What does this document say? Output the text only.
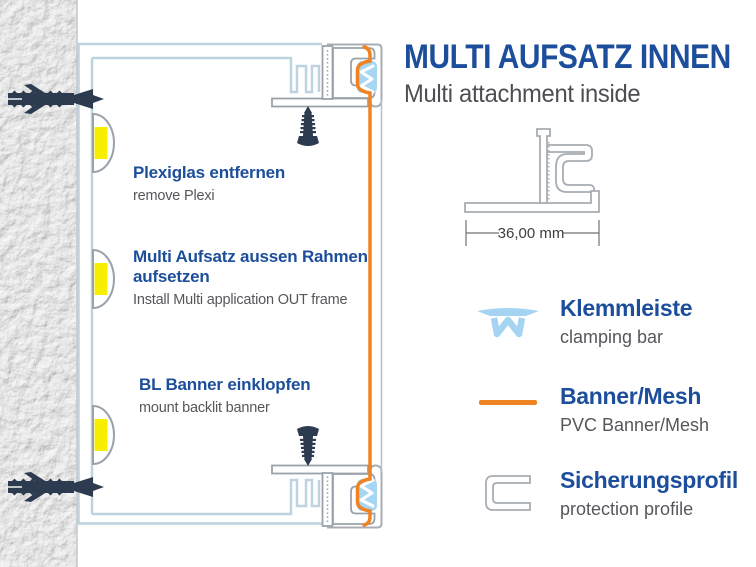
Plexiglas entfernen
remove Plexi
Multi Aufsatz aussen Rahmen aufsetzen
Install Multi application OUT frame
BL Banner einklopfen
mount backlit banner
MULTI AUFSATZ INNEN
Multi attachment inside
36,00 mm
Klemmleiste
clamping bar
Banner/Mesh
PVC Banner/Mesh
Sicherungsprofil
protection profile
